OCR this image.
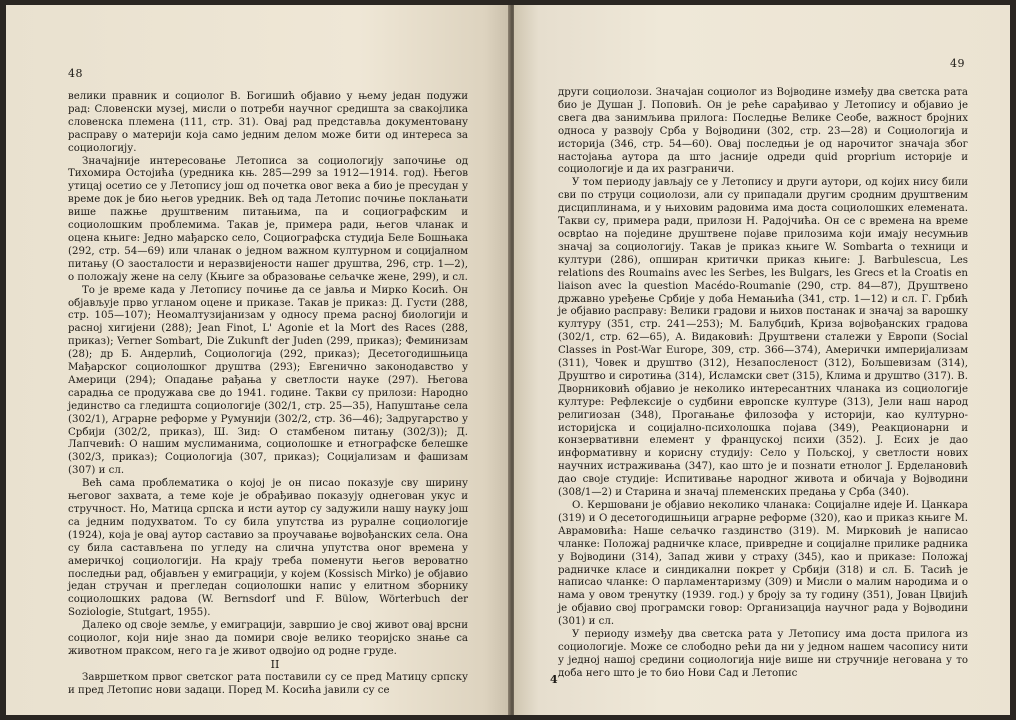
48

велики правник и социолог В. Богишић објавио у њему један подужи рад: Словенски музеј, мисли о потреби научног средишта за свакојлика словенска племена (111, стр. 31). Овај рад представља документовану расправу о материји која само једним делом може бити од интереса за социологију.

Значајније интересовање Летописа за социологију започиње од Тихомира Остојића (уредника књ. 285—299 за 1912—1914. год). Његов утицај осетио се у Летопису још од почетка овог века а био је пресудан у време док је био његов уредник. Већ од тада Летопис почиње поклањати више пажње друштвеним питањима, па и социографским и социолошким проблемима. Такав је, примера ради, његов чланак и оцена књиге: Једно мађарско село, Социографска студија Беле Бошњака (292, стр. 54—69) или чланак о једном важном културном и социјалном питању (О заосталости и неразвијености нашег друштва, 296, стр. 1—2), о положају жене на селу (Књиге за образовање сељачке жене, 299), и сл.

То је време када у Летопису почиње да се јавља и Мирко Косић. Он објављује прво угланом оцене и приказе. Такав је приказ: Д. Густи (288, стр. 105—107); Неомалтузијанизам у односу према расној биологији и расној хигијени (288); Jean Finot, L' Agonie et la Mort des Races (288, приказ); Verner Sombart, Die Zukunft der Juden (299, приказ); Феминизам (28); др Б. Андерлић, Социологија (292, приказ); Десетогодишњица Мађарског социолошког друштва (293); Евгенично законодавство у Америци (294); Опадање рађања у светлости науке (297). Његова сарадња се продужава све до 1941. године. Такви су прилози: Народно јединство са гледишта социологије (302/1, стр. 25—35), Напуштање села (302/1), Аграрне реформе у Румунији (302/2, стр. 36—46); Задругарство у Србији (302/2, приказ), Ш. Зид: О стамбеном питању (302/3)); Д. Лапчевић: О нашим муслиманима, социолошке и етнографске белешке (302/3, приказ); Социологија (307, приказ); Социјализам и фашизам (307) и сл.

Већ сама проблематика о којој је он писао показује сву ширину његовог захвата, а теме које је обрађивао показују однегован укус и стручност. Но, Матица српска и исти аутор су задужили нашу науку још са једним подухватом. То су била упутства из руралне социологије (1924), која је овај аутор саставио за проучавање војвођанских села. Она су била састављена по угледу на слична упутства оног времена у америчкој социологији. На крају треба поменути његов вероватно последњи рад, објављен у емиграцији, у којем (Kossisch Mirko) је објавио један стручан и прегледан социолошки напис у елитном зборнику социолошких радова (W. Bernsdorf und F. Bülow, Wörterbuch der Soziologie, Stutgart, 1955).

Далеко од своје земље, у емиграцији, завршио је свој живот овај врсни социолог, који није знао да помири своје велико теоријско знање са животном праксом, него га је живот одвојио од родне груде.

II

Завршетком првог светског рата поставили су се пред Матицу српску и пред Летопис нови задаци. Поред М. Косића јавили су се

49

други социолози. Значајан социолог из Војводине између два светска рата био је Душан Ј. Поповић. Он је реће сарађивао у Летопису и објавио је свега два занимљива прилога: Последње Велике Сеобе, важност бројних односа у развоју Срба у Војводини (302, стр. 23—28) и Социологија и историја (346, стр. 54—60). Овај последњи је од нарочитог значаја због настојања аутора да што јасније одреди quid proprium историје и социологије и да их разграничи.

У том периоду јављају се у Летопису и други аутори, од којих нису били сви по струци социолози, али су припадали другим сродним друштвеним дисциплинама, и у њиховим радовима има доста социолошких елемената. Такви су, примера ради, прилози Н. Радојчића. Он се с времена на време осврtao на поједине друштвене појаве прилозима који имају несумњив значај за социологију. Такав је приказ књиге W. Sombarta о техници и култури (286), опширан критички приказ књиге: J. Barbulescua, Les relations des Roumains avec les Serbes, les Bulgars, les Grecs et la Croatis en liaison avec la question Macédo-Roumanie (290, стр. 84—87), Друштвено државно уређење Србије у доба Немањића (341, стр. 1—12) и сл. Г. Грбић је објавио расправу: Велики градови и њихов постанак и значај за варошку културу (351, стр. 241—253); М. Балубџић, Криза војвођанских градова (302/1, стр. 62—65), А. Видаковић: Друштвени сталежи у Европи (Social Classes in Post-War Europe, 309, стр. 366—374), Амерички империјализам (311), Човек и друштво (312), Незапосленост (312), Бољшевизам (314), Друштво и сиротиња (314), Исламски свет (315), Клима и друштво (317). В. Дворниковић објавио је неколико интересантних чланака из социологије културе: Рефлексије о судбини европске културе (313), Јели наш народ религиозан (348), Прогањање филозофа у историји, као културно-историјска и социјално-психолошка појава (349), Реакционарни и конзервативни елемент у француској психи (352). J. Есих је дао информативну и корисну студију: Село у Пољској, у светлости нових научних истраживања (347), као што је и познати етнолог J. Ерделановић дао своје студије: Испитивање народног живота и обичаја у Војводини (308/1—2) и Старина и значај племенских предања у Срба (340).

О. Кершовани је објавио неколико чланака: Социјалне идеје И. Цанкара (319) и О десетогодишњици аграрне реформе (320), као и приказ књиге М. Аврамовића: Наше сељачко газдинство (319). М. Мирковић је написао чланке: Положај радничке класе, привредне и социјалне прилике радника у Војводини (314), Запад живи у страху (345), као и приказе: Положај радничке класе и синдикални покрет у Србији (318) и сл. Б. Тасић је написао чланке: О парламентаризму (309) и Мисли о малим народима и о нама у овом тренутку (1939. год.) у броју за ту годину (351), Јован Цвијић је објавио свој програмски говор: Организација научног рада у Војводини (301) и сл.

У периоду између два светска рата у Летопису има доста прилога из социологије. Може се слободно рећи да ни у једном нашем часопису нити у једној нашој средини социологија није више ни стручније негована у то доба него што је то био Нови Сад и Летопис

4
